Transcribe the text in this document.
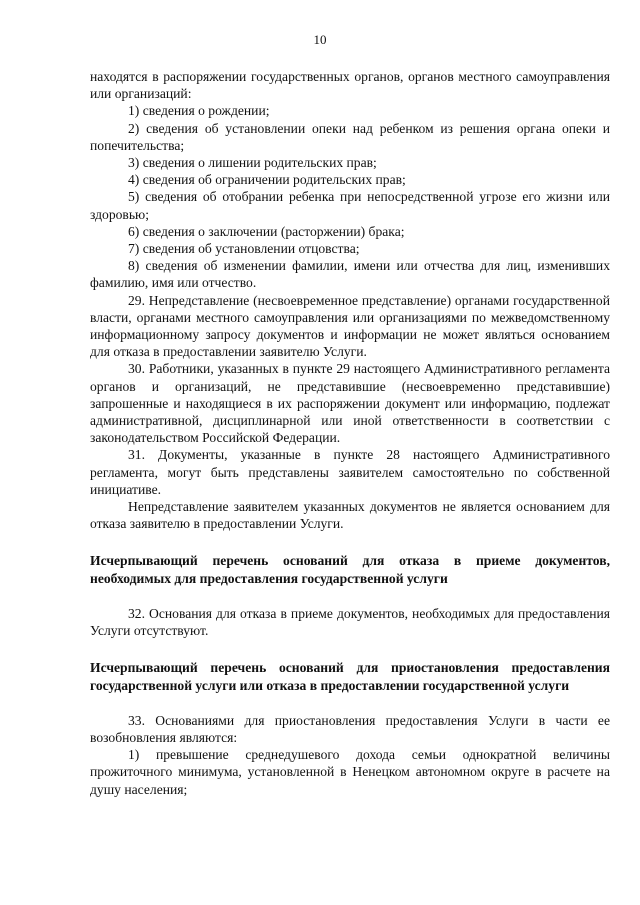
10

находятся в распоряжении государственных органов, органов местного самоуправления или организаций:

1) сведения о рождении;

2) сведения об установлении опеки над ребенком из решения органа опеки и попечительства;

3) сведения о лишении родительских прав;

4) сведения об ограничении родительских прав;

5) сведения об отобрании ребенка при непосредственной угрозе его жизни или здоровью;

6) сведения о заключении (расторжении) брака;

7) сведения об установлении отцовства;

8) сведения об изменении фамилии, имени или отчества для лиц, изменивших фамилию, имя или отчество.

29. Непредставление (несвоевременное представление) органами государственной власти, органами местного самоуправления или организациями по межведомственному информационному запросу документов и информации не может являться основанием для отказа в предоставлении заявителю Услуги.

30. Работники, указанных в пункте 29 настоящего Административного регламента органов и организаций, не представившие (несвоевременно представившие) запрошенные и находящиеся в их распоряжении документ или информацию, подлежат административной, дисциплинарной или иной ответственности в соответствии с законодательством Российской Федерации.

31. Документы, указанные в пункте 28 настоящего Административного регламента, могут быть представлены заявителем самостоятельно по собственной инициативе.

Непредставление заявителем указанных документов не является основанием для отказа заявителю в предоставлении Услуги.

Исчерпывающий перечень оснований для отказа в приеме документов, необходимых для предоставления государственной услуги

32. Основания для отказа в приеме документов, необходимых для предоставления Услуги отсутствуют.

Исчерпывающий перечень оснований для приостановления предоставления государственной услуги или отказа в предоставлении государственной услуги

33. Основаниями для приостановления предоставления Услуги в части ее возобновления являются:

1) превышение среднедушевого дохода семьи однократной величины прожиточного минимума, установленной в Ненецком автономном округе в расчете на душу населения;
